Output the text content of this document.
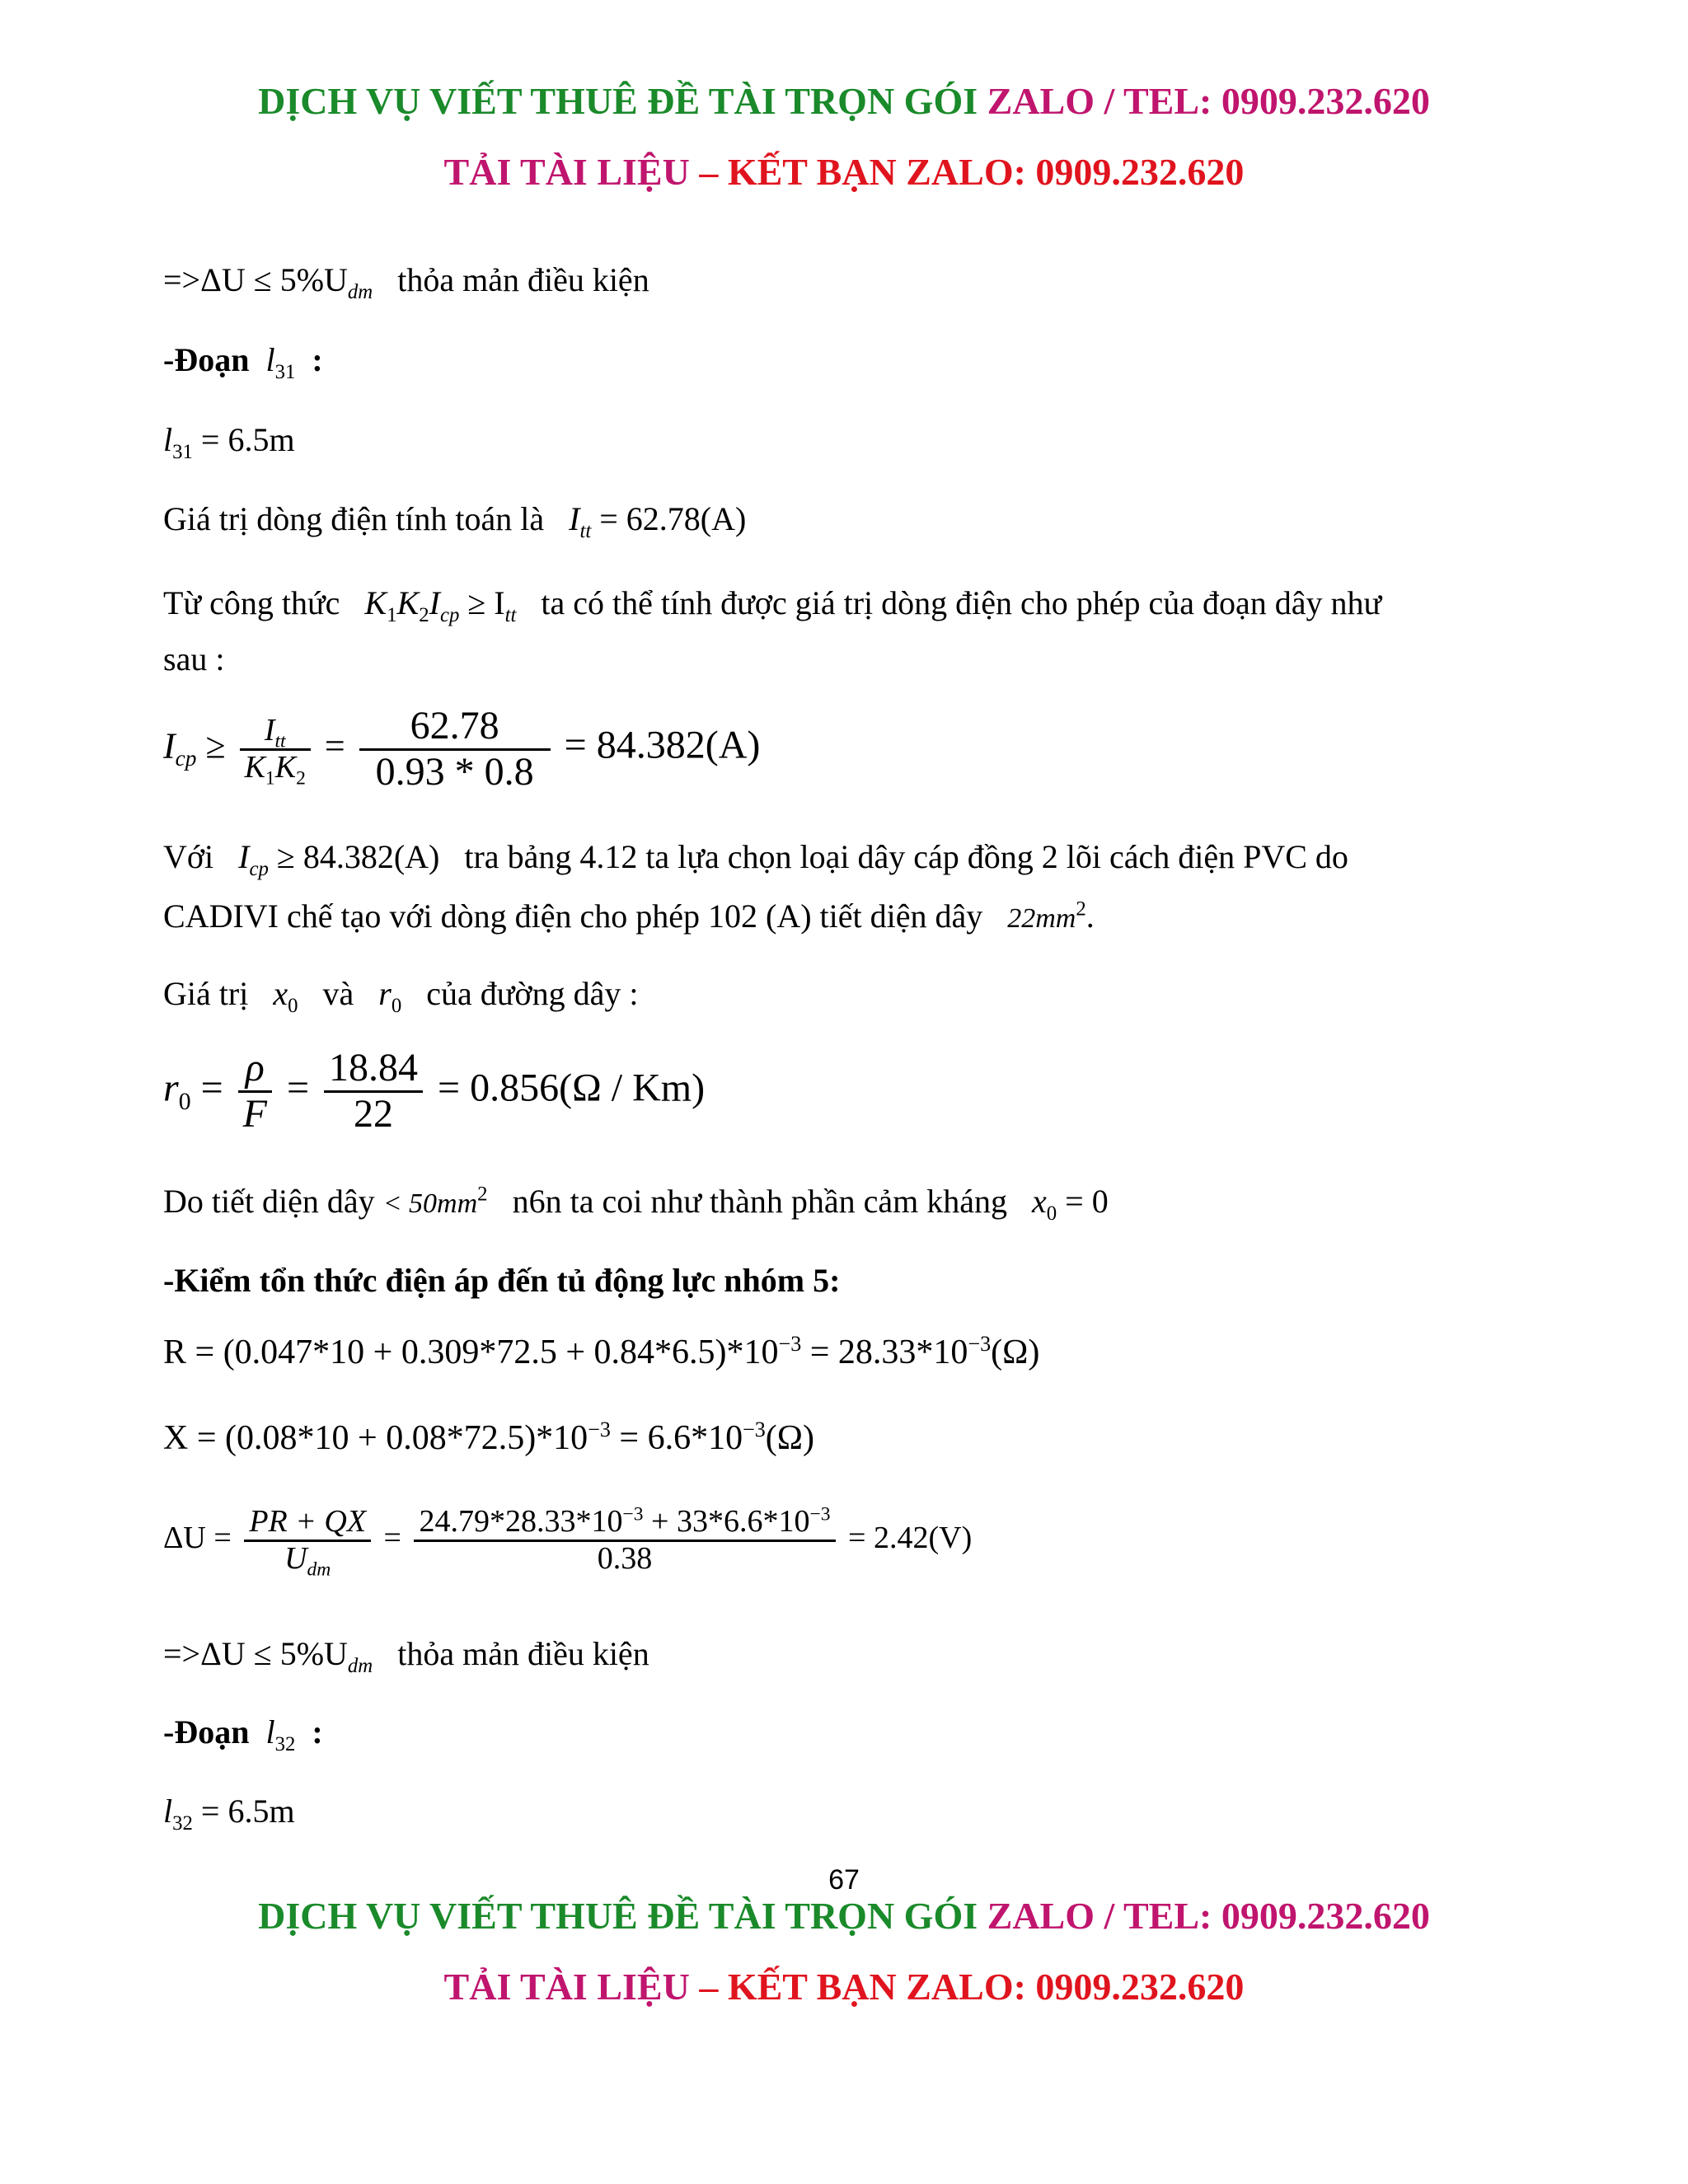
DỊCH VỤ VIẾT THUÊ ĐỀ TÀI TRỌN GÓI ZALO / TEL: 0909.232.620
TẢI TÀI LIỆU – KẾT BẠN ZALO: 0909.232.620
$=>\Delta U \le 5\%U_{dm}$ thỏa mản điều kiện
-Đoạn $l_{31}$ :
$l_{31} = 6.5m$
Giá trị dòng điện tính toán là $I_{tt} = 62.78(A)$
Từ công thức $K_1K_2I_{cp} \ge I_{tt}$ ta có thể tính được giá trị dòng điện cho phép của đoạn dây như
sau :
$I_{cp} \ge \frac{I_{tt}}{K_1K_2} = \frac{62.78}{0.93 * 0.8} = 84.382(A)$
Với $I_{cp} \ge 84.382(A)$ tra bảng 4.12 ta lựa chọn loại dây cáp đồng 2 lõi cách điện PVC do
CADIVI chế tạo với dòng điện cho phép 102 (A) tiết diện dây $22mm^2$.
Giá trị $x_0$ và $r_0$ của đường dây :
$r_0 = \frac{\rho}{F} = \frac{18.84}{22} = 0.856(\Omega / Km)$
Do tiết diện dây < $50mm^2$ n6n ta coi như thành phần cảm kháng $x_0 = 0$
-Kiểm tổn thức điện áp đến tủ động lực nhóm 5:
$R = (0.047*10 + 0.309*72.5 + 0.84*6.5)*10^{-3} = 28.33*10^{-3}(\Omega)$
$X = (0.08*10 + 0.08*72.5)*10^{-3} = 6.6*10^{-3}(\Omega)$
$\Delta U = \frac{PR + QX}{U_{dm}} = \frac{24.79*28.33*10^{-3} + 33*6.6*10^{-3}}{0.38} = 2.42(V)$
$=>\Delta U \le 5\%U_{dm}$ thỏa mản điều kiện
-Đoạn $l_{32}$ :
$l_{32} = 6.5m$
67
DỊCH VỤ VIẾT THUÊ ĐỀ TÀI TRỌN GÓI ZALO / TEL: 0909.232.620
TẢI TÀI LIỆU – KẾT BẠN ZALO: 0909.232.620
